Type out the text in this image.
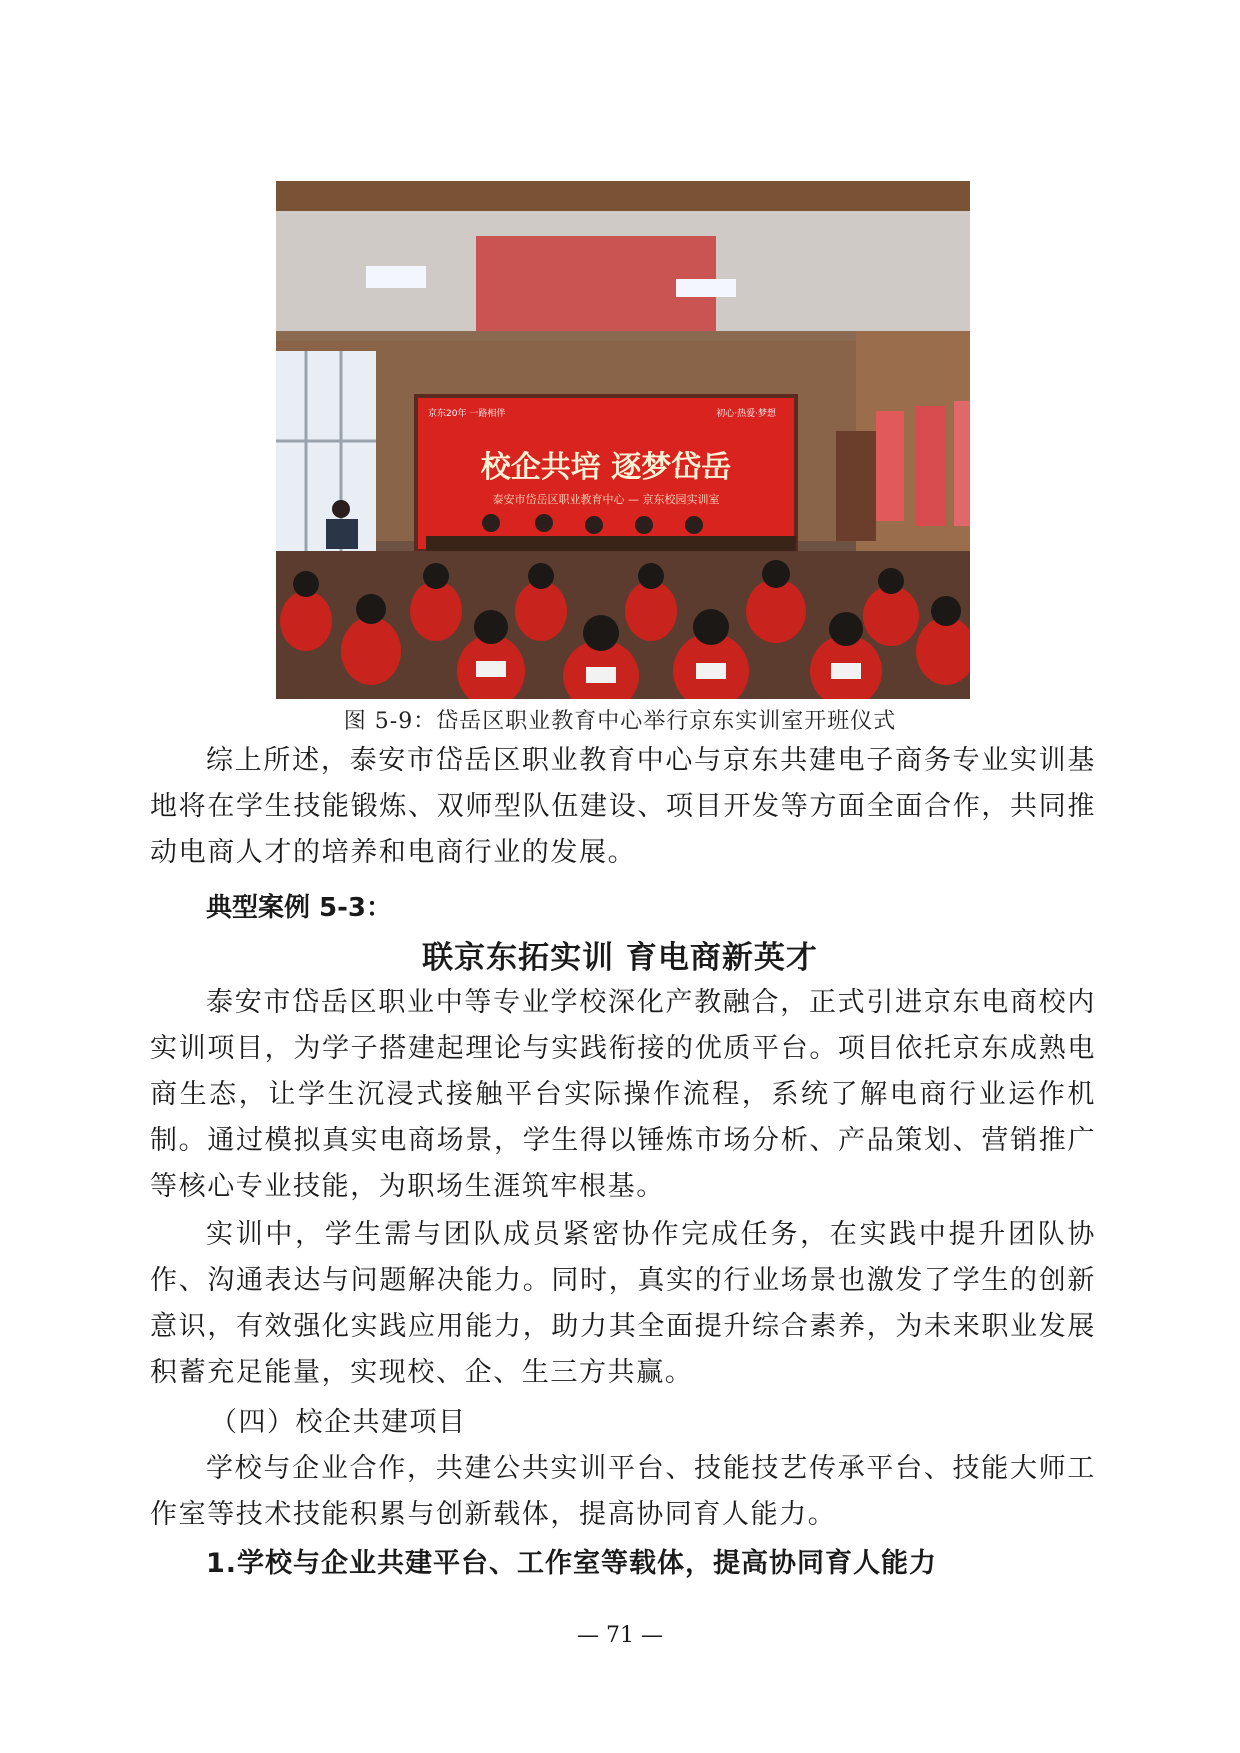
校企共培 逐梦岱岳
泰安市岱岳区职业教育中心 — 京东校园实训室
京东20年 一路相伴	初心·热爱·梦想
图 5-9：岱岳区职业教育中心举行京东实训室开班仪式

综上所述，泰安市岱岳区职业教育中心与京东共建电子商务专业实训基地将在学生技能锻炼、双师型队伍建设、项目开发等方面全面合作，共同推动电商人才的培养和电商行业的发展。

典型案例 5-3：
联京东拓实训 育电商新英才

泰安市岱岳区职业中等专业学校深化产教融合，正式引进京东电商校内实训项目，为学子搭建起理论与实践衔接的优质平台。项目依托京东成熟电商生态，让学生沉浸式接触平台实际操作流程，系统了解电商行业运作机制。通过模拟真实电商场景，学生得以锤炼市场分析、产品策划、营销推广等核心专业技能，为职场生涯筑牢根基。

实训中，学生需与团队成员紧密协作完成任务，在实践中提升团队协作、沟通表达与问题解决能力。同时，真实的行业场景也激发了学生的创新意识，有效强化实践应用能力，助力其全面提升综合素养，为未来职业发展积蓄充足能量，实现校、企、生三方共赢。

（四）校企共建项目

学校与企业合作，共建公共实训平台、技能技艺传承平台、技能大师工作室等技术技能积累与创新载体，提高协同育人能力。

1.学校与企业共建平台、工作室等载体，提高协同育人能力
— 71 —
